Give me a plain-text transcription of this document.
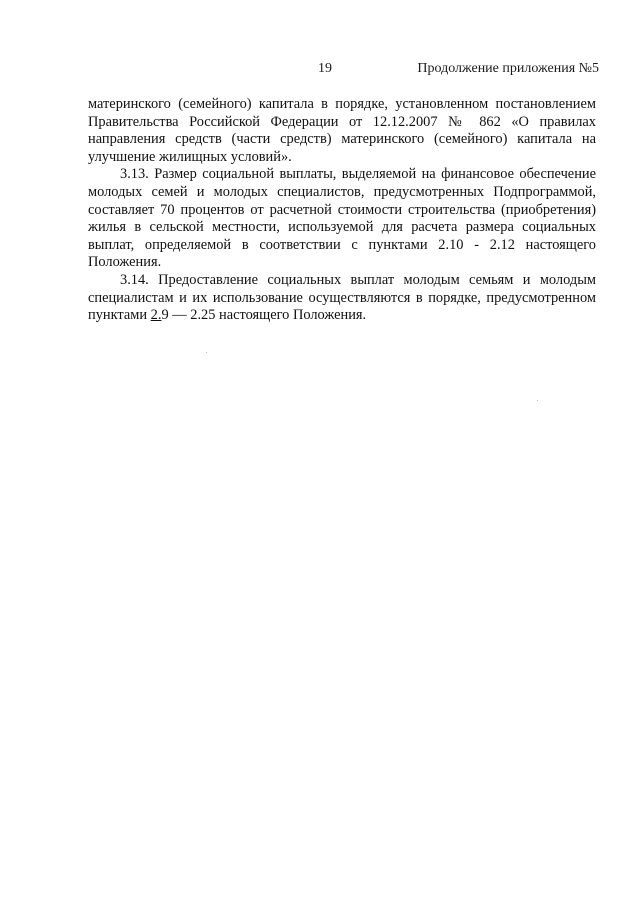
19	Продолжение приложения №5

материнского (семейного) капитала в порядке, установленном постановлением Правительства Российской Федерации от 12.12.2007 № 862 «О правилах направления средств (части средств) материнского (семейного) капитала на улучшение жилищных условий».

3.13. Размер социальной выплаты, выделяемой на финансовое обеспечение молодых семей и молодых специалистов, предусмотренных Подпрограммой, составляет 70 процентов от расчетной стоимости строительства (приобретения) жилья в сельской местности, используемой для расчета размера социальных выплат, определяемой в соответствии с пунктами 2.10 - 2.12 настоящего Положения.

3.14. Предоставление социальных выплат молодым семьям и молодым специалистам и их использование осуществляются в порядке, предусмотренном пунктами 2.9 — 2.25 настоящего Положения.
